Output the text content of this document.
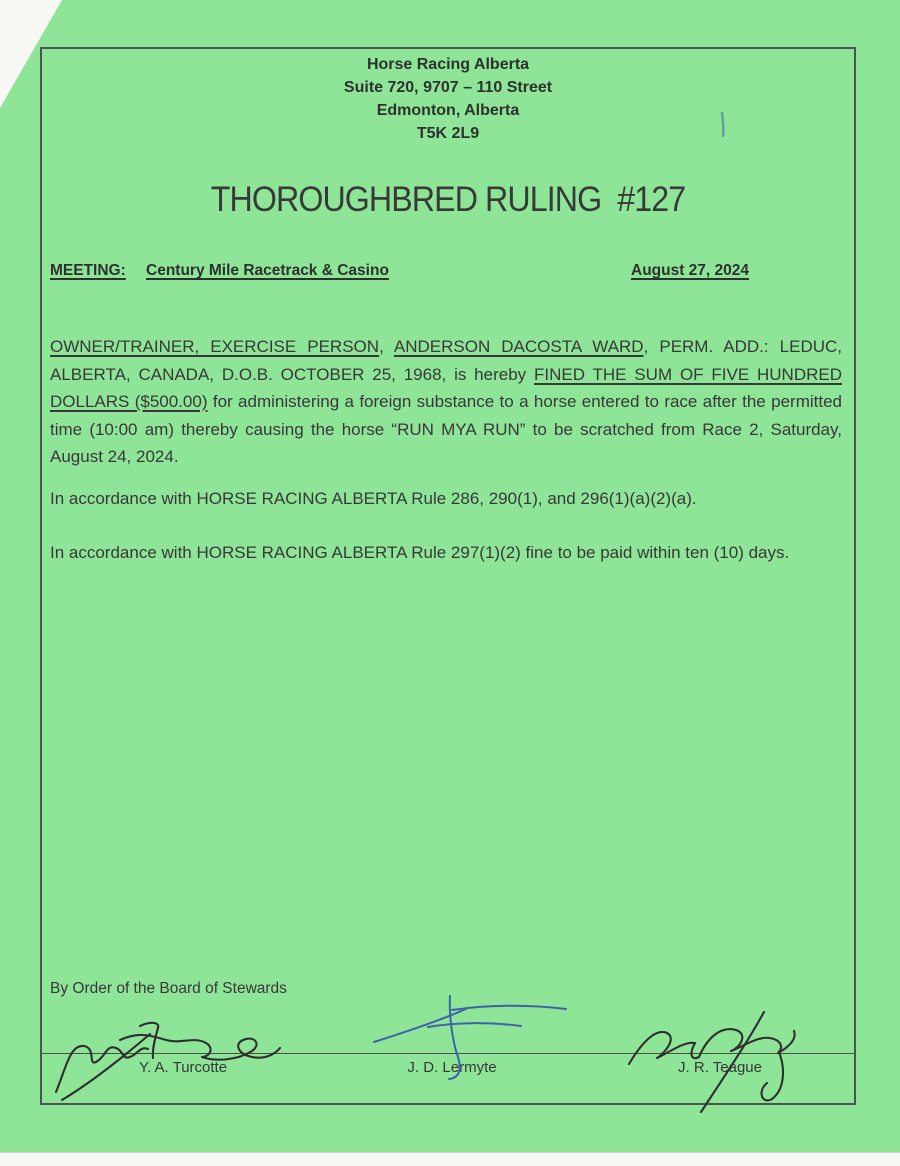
Horse Racing Alberta
Suite 720, 9707 – 110 Street
Edmonton, Alberta
T5K 2L9
THOROUGHBRED RULING  #127
MEETING: Century Mile Racetrack & Casino	August 27, 2024
OWNER/TRAINER, EXERCISE PERSON, ANDERSON DACOSTA WARD, PERM. ADD.: LEDUC, ALBERTA, CANADA, D.O.B. OCTOBER 25, 1968, is hereby FINED THE SUM OF FIVE HUNDRED DOLLARS ($500.00) for administering a foreign substance to a horse entered to race after the permitted time (10:00 am) thereby causing the horse “RUN MYA RUN” to be scratched from Race 2, Saturday, August 24, 2024.
In accordance with HORSE RACING ALBERTA Rule 286, 290(1), and 296(1)(a)(2)(a).
In accordance with HORSE RACING ALBERTA Rule 297(1)(2) fine to be paid within ten (10) days.
By Order of the Board of Stewards
Y. A. Turcotte	J. D. Lermyte	J. R. Teague
